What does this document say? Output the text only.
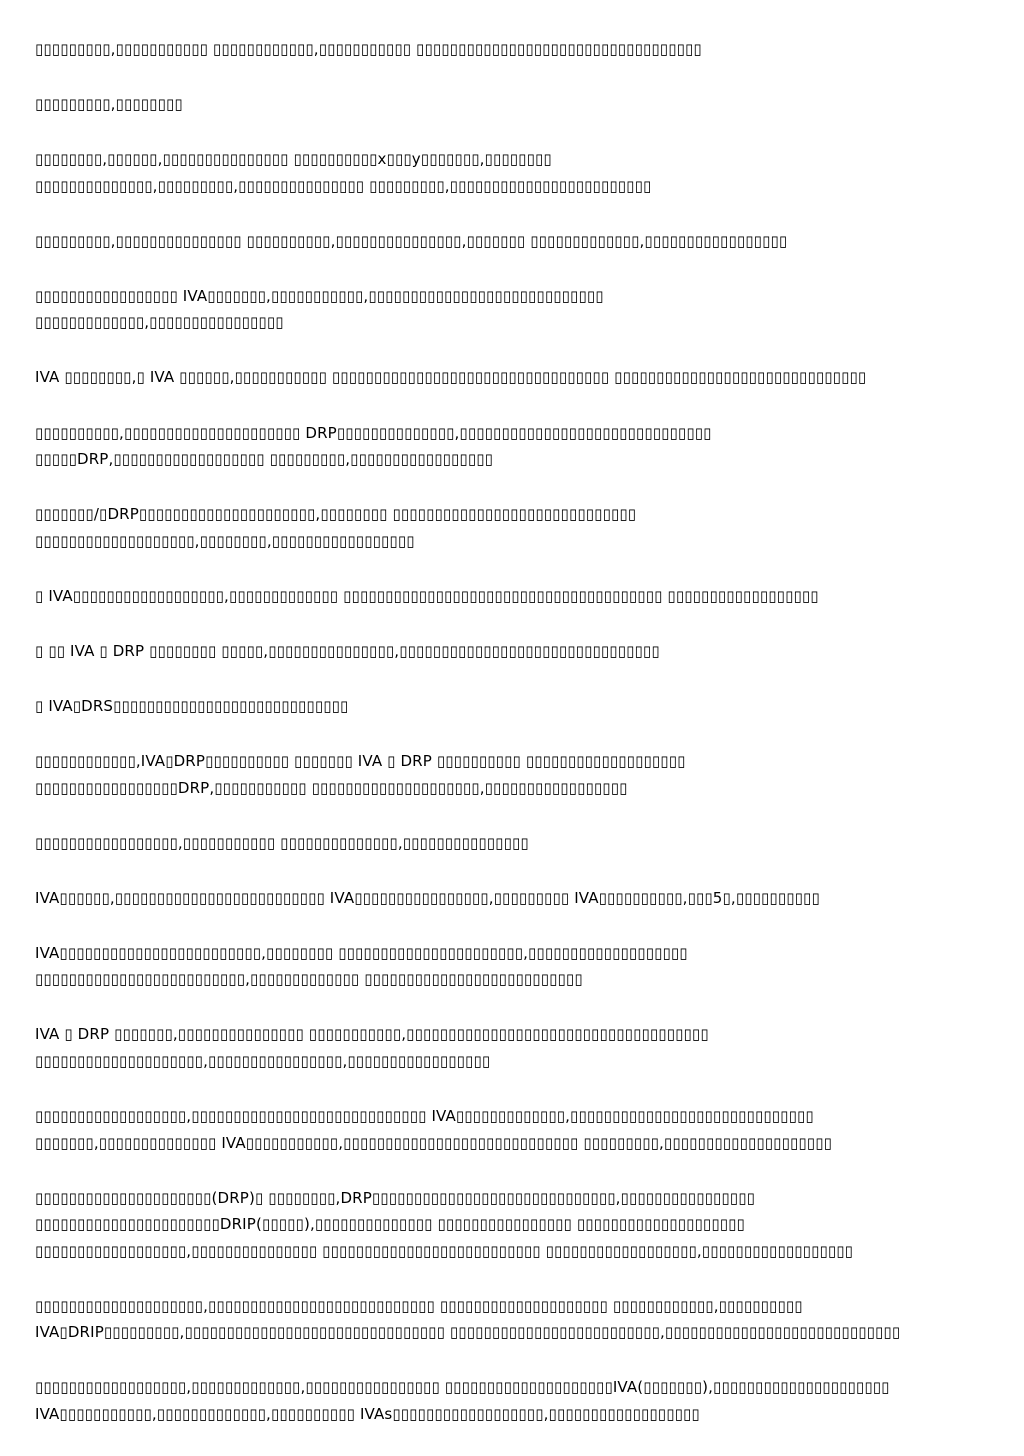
▯▯▯▯▯▯▯▯▯,▯▯▯▯▯▯▯▯▯▯▯ ▯▯▯▯▯▯▯▯▯▯▯▯,▯▯▯▯▯▯▯▯▯▯▯ ▯▯▯▯▯▯▯▯▯▯▯▯▯▯▯▯▯▯▯▯▯▯▯▯▯▯▯▯▯▯▯▯▯▯

▯▯▯▯▯▯▯▯▯,▯▯▯▯▯▯▯▯

▯▯▯▯▯▯▯▯,▯▯▯▯▯▯,▯▯▯▯▯▯▯▯▯▯▯▯▯▯▯ ▯▯▯▯▯▯▯▯▯▯x▯▯▯y▯▯▯▯▯▯▯,▯▯▯▯▯▯▯▯
▯▯▯▯▯▯▯▯▯▯▯▯▯▯,▯▯▯▯▯▯▯▯▯,▯▯▯▯▯▯▯▯▯▯▯▯▯▯▯ ▯▯▯▯▯▯▯▯▯,▯▯▯▯▯▯▯▯▯▯▯▯▯▯▯▯▯▯▯▯▯▯▯▯

▯▯▯▯▯▯▯▯▯,▯▯▯▯▯▯▯▯▯▯▯▯▯▯▯ ▯▯▯▯▯▯▯▯▯▯,▯▯▯▯▯▯▯▯▯▯▯▯▯▯▯,▯▯▯▯▯▯▯ ▯▯▯▯▯▯▯▯▯▯▯▯▯,▯▯▯▯▯▯▯▯▯▯▯▯▯▯▯▯▯

▯▯▯▯▯▯▯▯▯▯▯▯▯▯▯▯▯ IVA▯▯▯▯▯▯▯,▯▯▯▯▯▯▯▯▯▯▯,▯▯▯▯▯▯▯▯▯▯▯▯▯▯▯▯▯▯▯▯▯▯▯▯▯▯▯▯
▯▯▯▯▯▯▯▯▯▯▯▯▯,▯▯▯▯▯▯▯▯▯▯▯▯▯▯▯▯

IVA ▯▯▯▯▯▯▯▯,▯ IVA ▯▯▯▯▯▯,▯▯▯▯▯▯▯▯▯▯▯ ▯▯▯▯▯▯▯▯▯▯▯▯▯▯▯▯▯▯▯▯▯▯▯▯▯▯▯▯▯▯▯▯▯ ▯▯▯▯▯▯▯▯▯▯▯▯▯▯▯▯▯▯▯▯▯▯▯▯▯▯▯▯▯▯

▯▯▯▯▯▯▯▯▯▯,▯▯▯▯▯▯▯▯▯▯▯▯▯▯▯▯▯▯▯▯▯ DRP▯▯▯▯▯▯▯▯▯▯▯▯▯▯,▯▯▯▯▯▯▯▯▯▯▯▯▯▯▯▯▯▯▯▯▯▯▯▯▯▯▯▯▯▯
▯▯▯▯▯DRP,▯▯▯▯▯▯▯▯▯▯▯▯▯▯▯▯▯▯ ▯▯▯▯▯▯▯▯▯,▯▯▯▯▯▯▯▯▯▯▯▯▯▯▯▯▯

▯▯▯▯▯▯▯/▯DRP▯▯▯▯▯▯▯▯▯▯▯▯▯▯▯▯▯▯▯▯▯,▯▯▯▯▯▯▯▯ ▯▯▯▯▯▯▯▯▯▯▯▯▯▯▯▯▯▯▯▯▯▯▯▯▯▯▯▯▯
▯▯▯▯▯▯▯▯▯▯▯▯▯▯▯▯▯▯▯,▯▯▯▯▯▯▯▯,▯▯▯▯▯▯▯▯▯▯▯▯▯▯▯▯▯

▯ IVA▯▯▯▯▯▯▯▯▯▯▯▯▯▯▯▯▯▯,▯▯▯▯▯▯▯▯▯▯▯▯▯ ▯▯▯▯▯▯▯▯▯▯▯▯▯▯▯▯▯▯▯▯▯▯▯▯▯▯▯▯▯▯▯▯▯▯▯▯▯▯ ▯▯▯▯▯▯▯▯▯▯▯▯▯▯▯▯▯▯

▯ ▯▯ IVA ▯ DRP ▯▯▯▯▯▯▯▯ ▯▯▯▯▯,▯▯▯▯▯▯▯▯▯▯▯▯▯▯▯,▯▯▯▯▯▯▯▯▯▯▯▯▯▯▯▯▯▯▯▯▯▯▯▯▯▯▯▯▯▯▯

▯ IVA▯DRS▯▯▯▯▯▯▯▯▯▯▯▯▯▯▯▯▯▯▯▯▯▯▯▯▯▯▯▯

▯▯▯▯▯▯▯▯▯▯▯▯,IVA▯DRP▯▯▯▯▯▯▯▯▯▯ ▯▯▯▯▯▯▯ IVA ▯ DRP ▯▯▯▯▯▯▯▯▯▯ ▯▯▯▯▯▯▯▯▯▯▯▯▯▯▯▯▯▯▯
▯▯▯▯▯▯▯▯▯▯▯▯▯▯▯▯▯DRP,▯▯▯▯▯▯▯▯▯▯▯ ▯▯▯▯▯▯▯▯▯▯▯▯▯▯▯▯▯▯▯▯,▯▯▯▯▯▯▯▯▯▯▯▯▯▯▯▯▯

▯▯▯▯▯▯▯▯▯▯▯▯▯▯▯▯▯,▯▯▯▯▯▯▯▯▯▯▯ ▯▯▯▯▯▯▯▯▯▯▯▯▯▯,▯▯▯▯▯▯▯▯▯▯▯▯▯▯▯

IVA▯▯▯▯▯▯,▯▯▯▯▯▯▯▯▯▯▯▯▯▯▯▯▯▯▯▯▯▯▯▯▯ IVA▯▯▯▯▯▯▯▯▯▯▯▯▯▯▯▯,▯▯▯▯▯▯▯▯▯ IVA▯▯▯▯▯▯▯▯▯▯,▯▯▯5▯,▯▯▯▯▯▯▯▯▯▯

IVA▯▯▯▯▯▯▯▯▯▯▯▯▯▯▯▯▯▯▯▯▯▯▯▯,▯▯▯▯▯▯▯▯ ▯▯▯▯▯▯▯▯▯▯▯▯▯▯▯▯▯▯▯▯▯▯,▯▯▯▯▯▯▯▯▯▯▯▯▯▯▯▯▯▯▯
▯▯▯▯▯▯▯▯▯▯▯▯▯▯▯▯▯▯▯▯▯▯▯▯▯,▯▯▯▯▯▯▯▯▯▯▯▯▯ ▯▯▯▯▯▯▯▯▯▯▯▯▯▯▯▯▯▯▯▯▯▯▯▯▯▯

IVA ▯ DRP ▯▯▯▯▯▯▯,▯▯▯▯▯▯▯▯▯▯▯▯▯▯▯ ▯▯▯▯▯▯▯▯▯▯▯,▯▯▯▯▯▯▯▯▯▯▯▯▯▯▯▯▯▯▯▯▯▯▯▯▯▯▯▯▯▯▯▯▯▯▯▯
▯▯▯▯▯▯▯▯▯▯▯▯▯▯▯▯▯▯▯▯,▯▯▯▯▯▯▯▯▯▯▯▯▯▯▯▯,▯▯▯▯▯▯▯▯▯▯▯▯▯▯▯▯▯

▯▯▯▯▯▯▯▯▯▯▯▯▯▯▯▯▯▯,▯▯▯▯▯▯▯▯▯▯▯▯▯▯▯▯▯▯▯▯▯▯▯▯▯▯▯▯ IVA▯▯▯▯▯▯▯▯▯▯▯▯▯,▯▯▯▯▯▯▯▯▯▯▯▯▯▯▯▯▯▯▯▯▯▯▯▯▯▯▯▯▯
▯▯▯▯▯▯▯,▯▯▯▯▯▯▯▯▯▯▯▯▯▯ IVA▯▯▯▯▯▯▯▯▯▯▯,▯▯▯▯▯▯▯▯▯▯▯▯▯▯▯▯▯▯▯▯▯▯▯▯▯▯▯▯ ▯▯▯▯▯▯▯▯▯,▯▯▯▯▯▯▯▯▯▯▯▯▯▯▯▯▯▯▯▯

▯▯▯▯▯▯▯▯▯▯▯▯▯▯▯▯▯▯▯▯▯(DRP)▯ ▯▯▯▯▯▯▯▯,DRP▯▯▯▯▯▯▯▯▯▯▯▯▯▯▯▯▯▯▯▯▯▯▯▯▯▯▯▯▯,▯▯▯▯▯▯▯▯▯▯▯▯▯▯▯▯
▯▯▯▯▯▯▯▯▯▯▯▯▯▯▯▯▯▯▯▯▯▯DRIP(▯▯▯▯▯),▯▯▯▯▯▯▯▯▯▯▯▯▯▯ ▯▯▯▯▯▯▯▯▯▯▯▯▯▯▯▯ ▯▯▯▯▯▯▯▯▯▯▯▯▯▯▯▯▯▯▯▯
▯▯▯▯▯▯▯▯▯▯▯▯▯▯▯▯▯▯,▯▯▯▯▯▯▯▯▯▯▯▯▯▯▯ ▯▯▯▯▯▯▯▯▯▯▯▯▯▯▯▯▯▯▯▯▯▯▯▯▯▯ ▯▯▯▯▯▯▯▯▯▯▯▯▯▯▯▯▯▯,▯▯▯▯▯▯▯▯▯▯▯▯▯▯▯▯▯▯

▯▯▯▯▯▯▯▯▯▯▯▯▯▯▯▯▯▯▯▯,▯▯▯▯▯▯▯▯▯▯▯▯▯▯▯▯▯▯▯▯▯▯▯▯▯▯▯ ▯▯▯▯▯▯▯▯▯▯▯▯▯▯▯▯▯▯▯▯ ▯▯▯▯▯▯▯▯▯▯▯▯,▯▯▯▯▯▯▯▯▯▯
IVA▯DRIP▯▯▯▯▯▯▯▯▯,▯▯▯▯▯▯▯▯▯▯▯▯▯▯▯▯▯▯▯▯▯▯▯▯▯▯▯▯▯▯▯ ▯▯▯▯▯▯▯▯▯▯▯▯▯▯▯▯▯▯▯▯▯▯▯▯▯,▯▯▯▯▯▯▯▯▯▯▯▯▯▯▯▯▯▯▯▯▯▯▯▯▯▯▯▯

▯▯▯▯▯▯▯▯▯▯▯▯▯▯▯▯▯▯,▯▯▯▯▯▯▯▯▯▯▯▯▯,▯▯▯▯▯▯▯▯▯▯▯▯▯▯▯▯ ▯▯▯▯▯▯▯▯▯▯▯▯▯▯▯▯▯▯▯▯IVA(▯▯▯▯▯▯▯),▯▯▯▯▯▯▯▯▯▯▯▯▯▯▯▯▯▯▯▯▯
IVA▯▯▯▯▯▯▯▯▯▯▯,▯▯▯▯▯▯▯▯▯▯▯▯▯,▯▯▯▯▯▯▯▯▯▯ IVAs▯▯▯▯▯▯▯▯▯▯▯▯▯▯▯▯▯▯,▯▯▯▯▯▯▯▯▯▯▯▯▯▯▯▯▯▯
